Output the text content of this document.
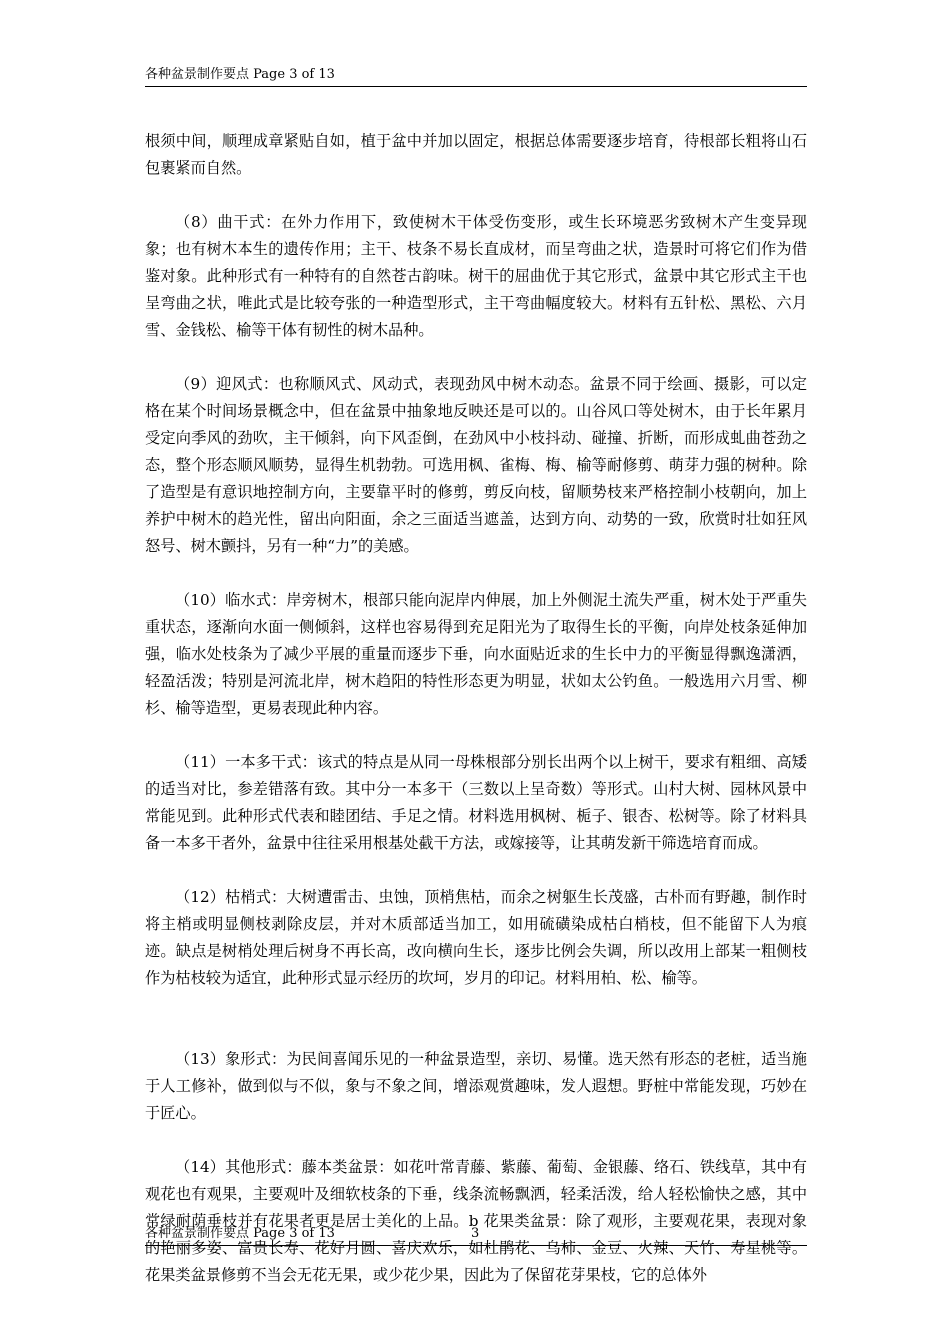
各种盆景制作要点 Page 3 of 13

根须中间，顺理成章紧贴自如，植于盆中并加以固定，根据总体需要逐步培育，待根部长粗将山石包裹紧而自然。

（8）曲干式：在外力作用下，致使树木干体受伤变形，或生长环境恶劣致树木产生变异现象；也有树木本生的遗传作用；主干、枝条不易长直成材，而呈弯曲之状，造景时可将它们作为借鉴对象。此种形式有一种特有的自然苍古韵味。树干的屈曲优于其它形式，盆景中其它形式主干也呈弯曲之状，唯此式是比较夸张的一种造型形式，主干弯曲幅度较大。材料有五针松、黑松、六月雪、金钱松、榆等干体有韧性的树木品种。

（9）迎风式：也称顺风式、风动式，表现劲风中树木动态。盆景不同于绘画、摄影，可以定格在某个时间场景概念中，但在盆景中抽象地反映还是可以的。山谷风口等处树木，由于长年累月受定向季风的劲吹，主干倾斜，向下风歪倒，在劲风中小枝抖动、碰撞、折断，而形成虬曲苍劲之态，整个形态顺风顺势，显得生机勃勃。可选用枫、雀梅、梅、榆等耐修剪、萌芽力强的树种。除了造型是有意识地控制方向，主要靠平时的修剪，剪反向枝，留顺势枝来严格控制小枝朝向，加上养护中树木的趋光性，留出向阳面，余之三面适当遮盖，达到方向、动势的一致，欣赏时壮如狂风怒号、树木颤抖，另有一种“力”的美感。

（10）临水式：岸旁树木，根部只能向泥岸内伸展，加上外侧泥土流失严重，树木处于严重失重状态，逐渐向水面一侧倾斜，这样也容易得到充足阳光为了取得生长的平衡，向岸处枝条延伸加强，临水处枝条为了减少平展的重量而逐步下垂，向水面贴近求的生长中力的平衡显得飘逸潇洒，轻盈活泼；特别是河流北岸，树木趋阳的特性形态更为明显，状如太公钓鱼。一般选用六月雪、柳杉、榆等造型，更易表现此种内容。

（11）一本多干式：该式的特点是从同一母株根部分别长出两个以上树干，要求有粗细、高矮的适当对比，参差错落有致。其中分一本多干（三数以上呈奇数）等形式。山村大树、园林风景中常能见到。此种形式代表和睦团结、手足之情。材料选用枫树、栀子、银杏、松树等。除了材料具备一本多干者外，盆景中往往采用根基处截干方法，或嫁接等，让其萌发新干筛选培育而成。

（12）枯梢式：大树遭雷击、虫蚀，顶梢焦枯，而余之树躯生长茂盛，古朴而有野趣，制作时将主梢或明显侧枝剥除皮层，并对木质部适当加工，如用硫磺染成枯白梢枝，但不能留下人为痕迹。缺点是树梢处理后树身不再长高，改向横向生长，逐步比例会失调，所以改用上部某一粗侧枝作为枯枝较为适宜，此种形式显示经历的坎坷，岁月的印记。材料用柏、松、榆等。

（13）象形式：为民间喜闻乐见的一种盆景造型，亲切、易懂。选天然有形态的老桩，适当施于人工修补，做到似与不似，象与不象之间，增添观赏趣味，发人遐想。野桩中常能发现，巧妙在于匠心。

（14）其他形式：藤本类盆景：如花叶常青藤、紫藤、葡萄、金银藤、络石、铁线草，其中有观花也有观果，主要观叶及细软枝条的下垂，线条流畅飘洒，轻柔活泼，给人轻松愉快之感，其中常绿耐荫垂枝并有花果者更是居士美化的上品。b 花果类盆景：除了观形，主要观花果，表现对象的艳丽多姿、富贵长寿、花好月圆、喜庆欢乐，如杜鹃花、乌柿、金豆、火辣、天竹、寿星桃等。花果类盆景修剪不当会无花无果，或少花少果，因此为了保留花芽果枝，它的总体外

各种盆景制作要点 Page 3 of 13	3
